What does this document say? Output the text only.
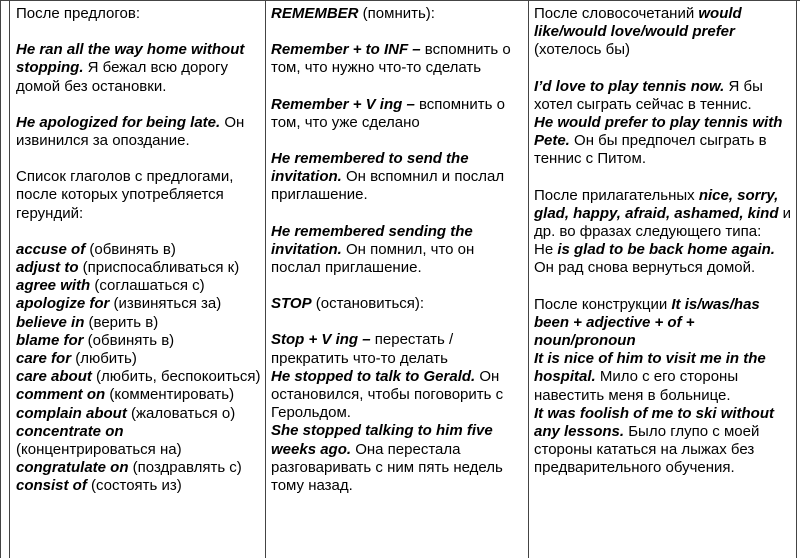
После предлогов:

He ran all the way home without stopping. Я бежал всю дорогу домой без остановки.

He apologized for being late. Он извинился за опоздание.

Список глаголов с предлогами, после которых употребляется герундий:

accuse of (обвинять в)

adjust to (приспосабливаться к)

agree with (соглашаться с)

apologize for (извиняться за)

believe in (верить в)

blame for (обвинять в)

care for (любить)

care about (любить, беспокоиться)

comment on (комментировать)

complain about (жаловаться о)

concentrate on (концентрироваться на)

congratulate on (поздравлять с)

consist of (состоять из)

REMEMBER (помнить):

Remember + to INF – вспомнить о том, что нужно что-то сделать

Remember + V ing – вспомнить о том, что уже сделано

He remembered to send the invitation. Он вспомнил и послал приглашение.

He remembered sending the invitation. Он помнил, что он послал приглашение.

STOP (остановиться):

Stop + V ing – перестать / прекратить что-то делать

He stopped to talk to Gerald. Он остановился, чтобы поговорить с Герольдом.

She stopped talking to him five weeks ago. Она перестала разговаривать с ним пять недель тому назад.

После словосочетаний would like/would love/would prefer (хотелось бы)

I’d love to play tennis now. Я бы хотел сыграть сейчас в теннис.

He would prefer to play tennis with Pete. Он бы предпочел сыграть в теннис с Питом.

После прилагательных nice, sorry, glad, happy, afraid, ashamed, kind и др. во фразах следующего типа:

He is glad to be back home again. Он рад снова вернуться домой.

После конструкции It is/was/has been + adjective + of + noun/pronoun

It is nice of him to visit me in the hospital. Мило с его стороны навестить меня в больнице.

It was foolish of me to ski without any lessons. Было глупо с моей стороны кататься на лыжах без предварительного обучения.
